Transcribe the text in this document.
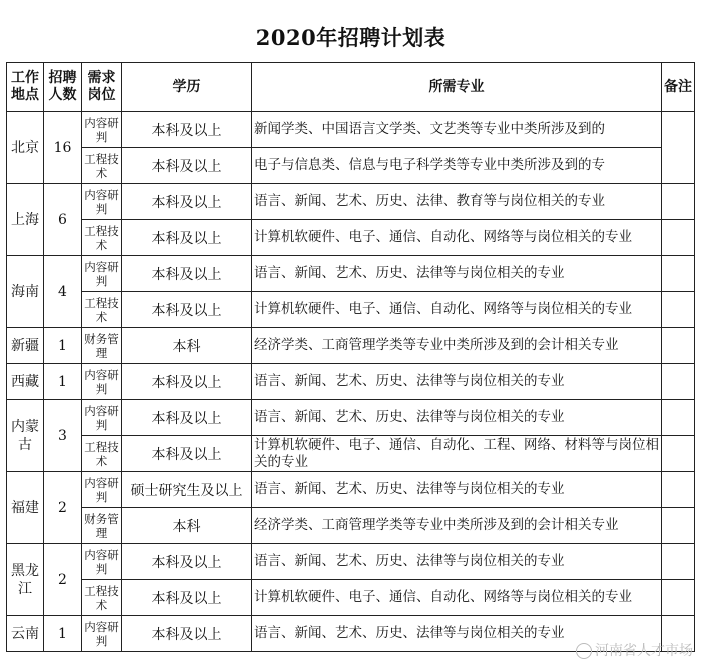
2020年招聘计划表
工作地点	招聘人数	需求岗位	学历	所需专业	备注
北京	16	内容研判	本科及以上	新闻学类、中国语言文学类、文艺类等专业中类所涉及到的	
		工程技术	本科及以上	电子与信息类、信息与电子科学类等专业中类所涉及到的专	
上海	6	内容研判	本科及以上	语言、新闻、艺术、历史、法律、教育等与岗位相关的专业	
		工程技术	本科及以上	计算机软硬件、电子、通信、自动化、网络等与岗位相关的专业	
海南	4	内容研判	本科及以上	语言、新闻、艺术、历史、法律等与岗位相关的专业	
		工程技术	本科及以上	计算机软硬件、电子、通信、自动化、网络等与岗位相关的专业	
新疆	1	财务管理	本科	经济学类、工商管理学类等专业中类所涉及到的会计相关专业	
西藏	1	内容研判	本科及以上	语言、新闻、艺术、历史、法律等与岗位相关的专业	
内蒙古	3	内容研判	本科及以上	语言、新闻、艺术、历史、法律等与岗位相关的专业	
		工程技术	本科及以上	计算机软硬件、电子、通信、自动化、工程、网络、材料等与岗位相关的专业	
福建	2	内容研判	硕士研究生及以上	语言、新闻、艺术、历史、法律等与岗位相关的专业	
		财务管理	本科	经济学类、工商管理学类等专业中类所涉及到的会计相关专业	
黑龙江	2	内容研判	本科及以上	语言、新闻、艺术、历史、法律等与岗位相关的专业	
		工程技术	本科及以上	计算机软硬件、电子、通信、自动化、网络等与岗位相关的专业	
云南	1	内容研判	本科及以上	语言、新闻、艺术、历史、法律等与岗位相关的专业	
河南省人才市场
